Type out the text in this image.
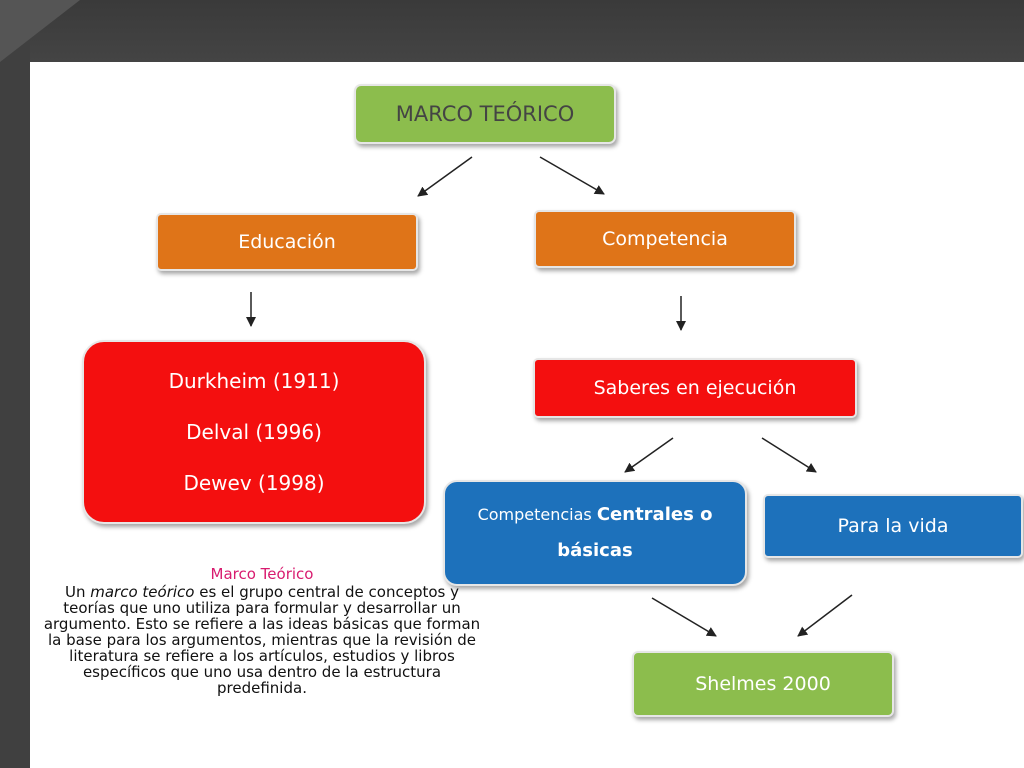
MARCO TEÓRICO
Educación	Competencia
Durkheim (1911)
Delval (1996)
Dewev (1998)
Saberes en ejecución
Competencias Centrales o
básicas
Para la vida
Shelmes 2000
Marco Teórico
Un marco teórico es el grupo central de conceptos y teorías que uno utiliza para formular y desarrollar un argumento. Esto se refiere a las ideas básicas que forman la base para los argumentos, mientras que la revisión de literatura se refiere a los artículos, estudios y libros específicos que uno usa dentro de la estructura predefinida.
